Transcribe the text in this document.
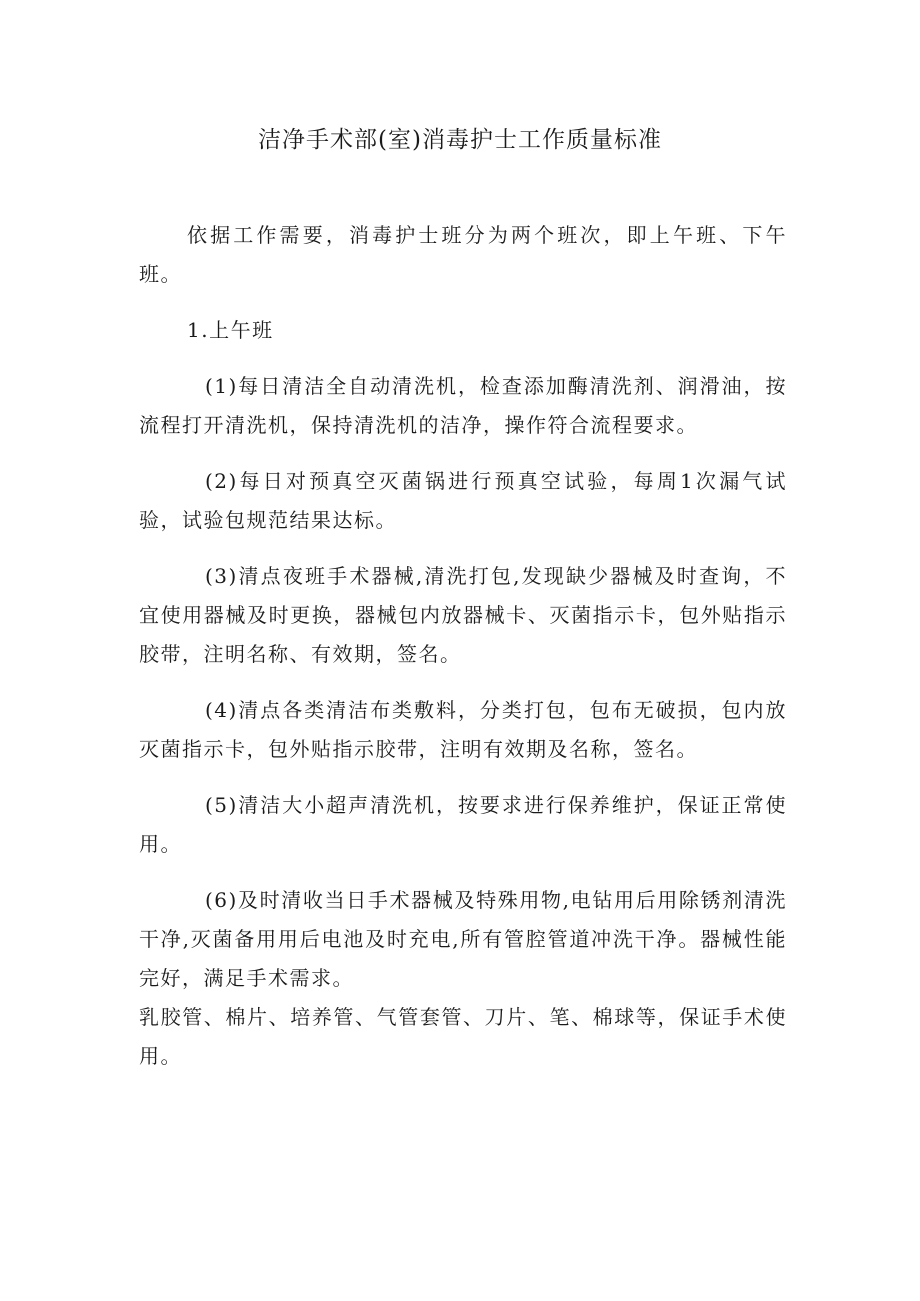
洁净手术部(室)消毒护士工作质量标准

依据工作需要，消毒护士班分为两个班次，即上午班、下午班。

1.上午班

(1)每日清洁全自动清洗机，检查添加酶清洗剂、润滑油，按流程打开清洗机，保持清洗机的洁净，操作符合流程要求。

(2)每日对预真空灭菌锅进行预真空试验，每周1次漏气试验，试验包规范结果达标。

(3)清点夜班手术器械,清洗打包,发现缺少器械及时查询，不宜使用器械及时更换，器械包内放器械卡、灭菌指示卡，包外贴指示胶带，注明名称、有效期，签名。

(4)清点各类清洁布类敷料，分类打包，包布无破损，包内放灭菌指示卡，包外贴指示胶带，注明有效期及名称，签名。

(5)清洁大小超声清洗机，按要求进行保养维护，保证正常使用。

(6)及时清收当日手术器械及特殊用物,电钻用后用除锈剂清洗干净,灭菌备用用后电池及时充电,所有管腔管道冲洗干净。器械性能完好，满足手术需求。

乳胶管、棉片、培养管、气管套管、刀片、笔、棉球等，保证手术使用。
